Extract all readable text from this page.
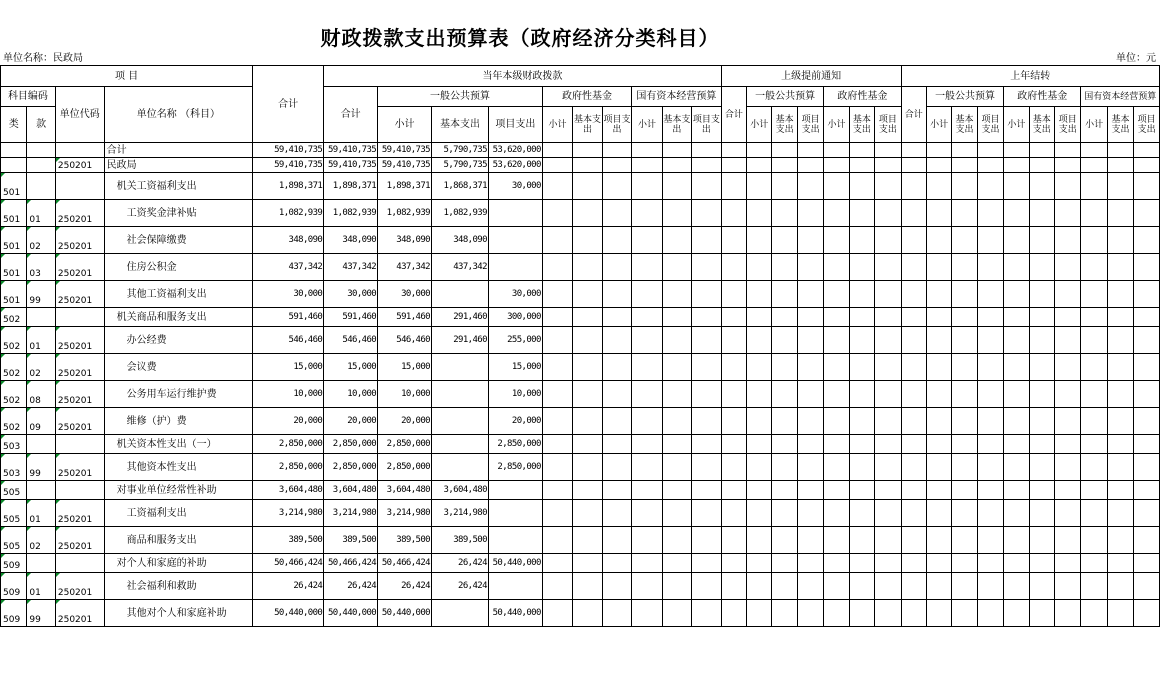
财政拨款支出预算表（政府经济分类科目）
单位名称：民政局	单位：元
项 目				合计	当年本级财政拨款										上级提前通知							上年结转									
科目编码		单位代码	单位名称 （科目）		合计	一般公共预算			政府性基金			国有资本经营预算			合计	一般公共预算			政府性基金			合计	一般公共预算			政府性基金			国有资本经营预算		
类	款					小计	基本支出	项目支出	小计	基本支出	项目支出	小计	基本支出	项目支出		小计	基本支出	项目支出	小计	基本支出	项目支出		小计	基本支出	项目支出	小计	基本支出	项目支出	小计	基本支出	项目支出
			合计	59,410,735	59,410,735	59,410,735	5,790,735	53,620,000																							
		250201	民政局	59,410,735	59,410,735	59,410,735	5,790,735	53,620,000																							
501			机关工资福利支出	1,898,371	1,898,371	1,898,371	1,868,371	30,000																							
501	01	250201	工资奖金津补贴	1,082,939	1,082,939	1,082,939	1,082,939																								
501	02	250201	社会保障缴费	348,090	348,090	348,090	348,090																								
501	03	250201	住房公积金	437,342	437,342	437,342	437,342																								
501	99	250201	其他工资福利支出	30,000	30,000	30,000		30,000																							
502			机关商品和服务支出	591,460	591,460	591,460	291,460	300,000																							
502	01	250201	办公经费	546,460	546,460	546,460	291,460	255,000																							
502	02	250201	会议费	15,000	15,000	15,000		15,000																							
502	08	250201	公务用车运行维护费	10,000	10,000	10,000		10,000																							
502	09	250201	维修（护）费	20,000	20,000	20,000		20,000																							
503			机关资本性支出（一）	2,850,000	2,850,000	2,850,000		2,850,000																							
503	99	250201	其他资本性支出	2,850,000	2,850,000	2,850,000		2,850,000																							
505			对事业单位经常性补助	3,604,480	3,604,480	3,604,480	3,604,480																								
505	01	250201	工资福利支出	3,214,980	3,214,980	3,214,980	3,214,980																								
505	02	250201	商品和服务支出	389,500	389,500	389,500	389,500																								
509			对个人和家庭的补助	50,466,424	50,466,424	50,466,424	26,424	50,440,000																							
509	01	250201	社会福利和救助	26,424	26,424	26,424	26,424																								
509	99	250201	其他对个人和家庭补助	50,440,000	50,440,000	50,440,000		50,440,000																							
